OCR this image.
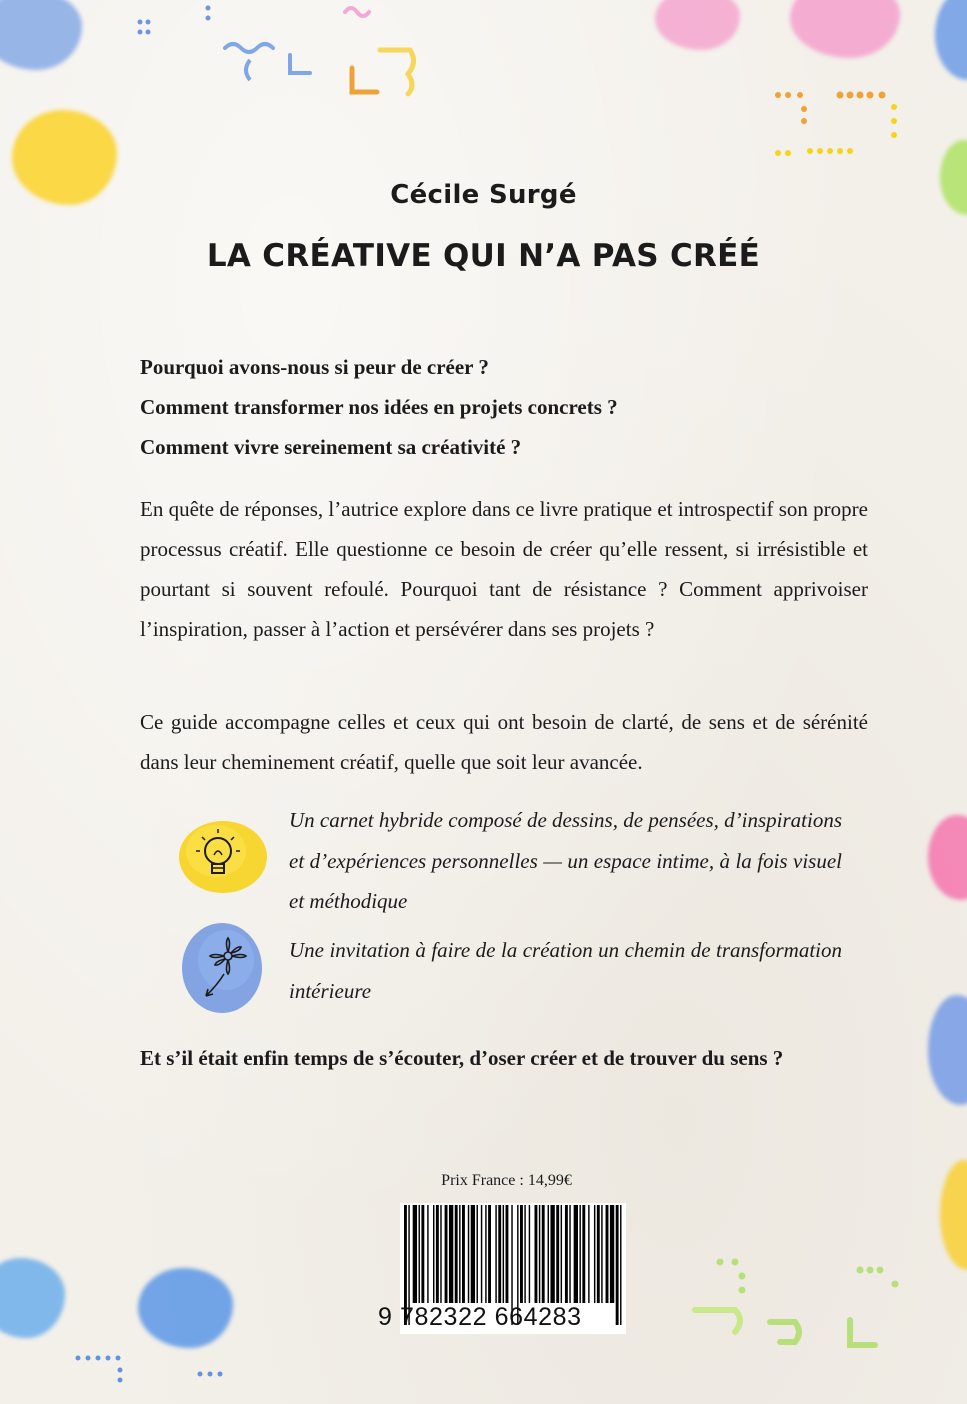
Cécile Surgé
LA CRÉATIVE QUI N’A PAS CRÉÉ
Pourquoi avons-nous si peur de créer ?
Comment transformer nos idées en projets concrets ?
Comment vivre sereinement sa créativité ?

En quête de réponses, l’autrice explore dans ce livre pratique et introspectif son propre processus créatif. Elle questionne ce besoin de créer qu’elle ressent, si irrésistible et pourtant si souvent refoulé. Pourquoi tant de résistance ? Comment apprivoiser l’inspiration, passer à l’action et persévérer dans ses projets ?

Ce guide accompagne celles et ceux qui ont besoin de clarté, de sens et de sérénité dans leur cheminement créatif, quelle que soit leur avancée.

Un carnet hybride composé de dessins, de pensées, d’inspirations et d’expériences personnelles — un espace intime, à la fois visuel et méthodique

Une invitation à faire de la création un chemin de transformation intérieure

Et s’il était enfin temps de s’écouter, d’oser créer et de trouver du sens ?
Prix France : 14,99€
9 782322 664283
